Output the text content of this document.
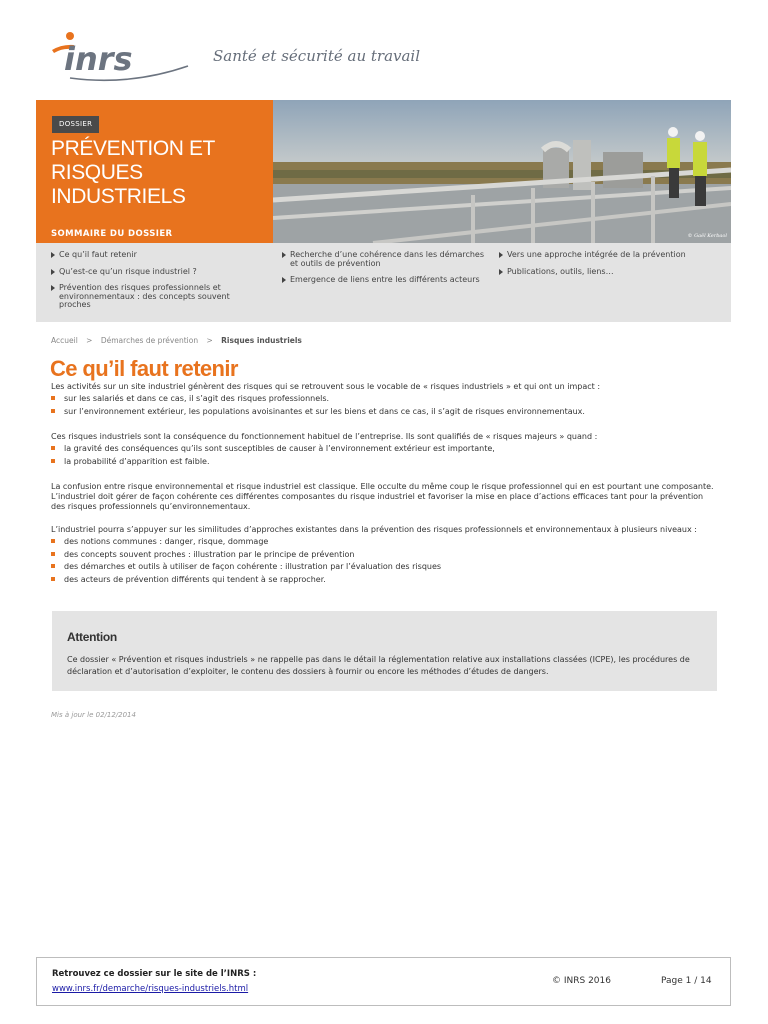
inrs	Santé et sécurité au travail
© Gaël Kerbaol
DOSSIER
PRÉVENTION ET RISQUES
INDUSTRIELS
SOMMAIRE DU DOSSIER
Ce qu’il faut retenir
Qu’est-ce qu’un risque industriel ?
Prévention des risques professionnels et environnementaux : des concepts souvent proches
Recherche d’une cohérence dans les démarches et outils de prévention
Emergence de liens entre les différents acteurs
Vers une approche intégrée de la prévention
Publications, outils, liens…
Accueil > Démarches de prévention > Risques industriels
Ce qu’il faut retenir

Les activités sur un site industriel génèrent des risques qui se retrouvent sous le vocable de « risques industriels » et qui ont un impact :

sur les salariés et dans ce cas, il s’agit des risques professionnels.
sur l’environnement extérieur, les populations avoisinantes et sur les biens et dans ce cas, il s’agit de risques environnementaux.

Ces risques industriels sont la conséquence du fonctionnement habituel de l’entreprise. Ils sont qualifiés de « risques majeurs » quand :

la gravité des conséquences qu’ils sont susceptibles de causer à l’environnement extérieur est importante,
la probabilité d’apparition est faible.

La confusion entre risque environnemental et risque industriel est classique. Elle occulte du même coup le risque professionnel qui en est pourtant une composante.

L’industriel doit gérer de façon cohérente ces différentes composantes du risque industriel et favoriser la mise en place d’actions efficaces tant pour la prévention des risques professionnels qu’environnementaux.

L’industriel pourra s’appuyer sur les similitudes d’approches existantes dans la prévention des risques professionnels et environnementaux à plusieurs niveaux :

des notions communes : danger, risque, dommage
des concepts souvent proches : illustration par le principe de prévention
des démarches et outils à utiliser de façon cohérente : illustration par l’évaluation des risques
des acteurs de prévention différents qui tendent à se rapprocher.
Attention
Ce dossier « Prévention et risques industriels » ne rappelle pas dans le détail la réglementation relative aux installations classées (ICPE), les procédures de déclaration et d’autorisation d’exploiter, le contenu des dossiers à fournir ou encore les méthodes d’études de dangers.
Mis à jour le 02/12/2014
Retrouvez ce dossier sur le site de l’INRS :
www.inrs.fr/demarche/risques-industriels.html
© INRS 2016	Page 1 / 14
